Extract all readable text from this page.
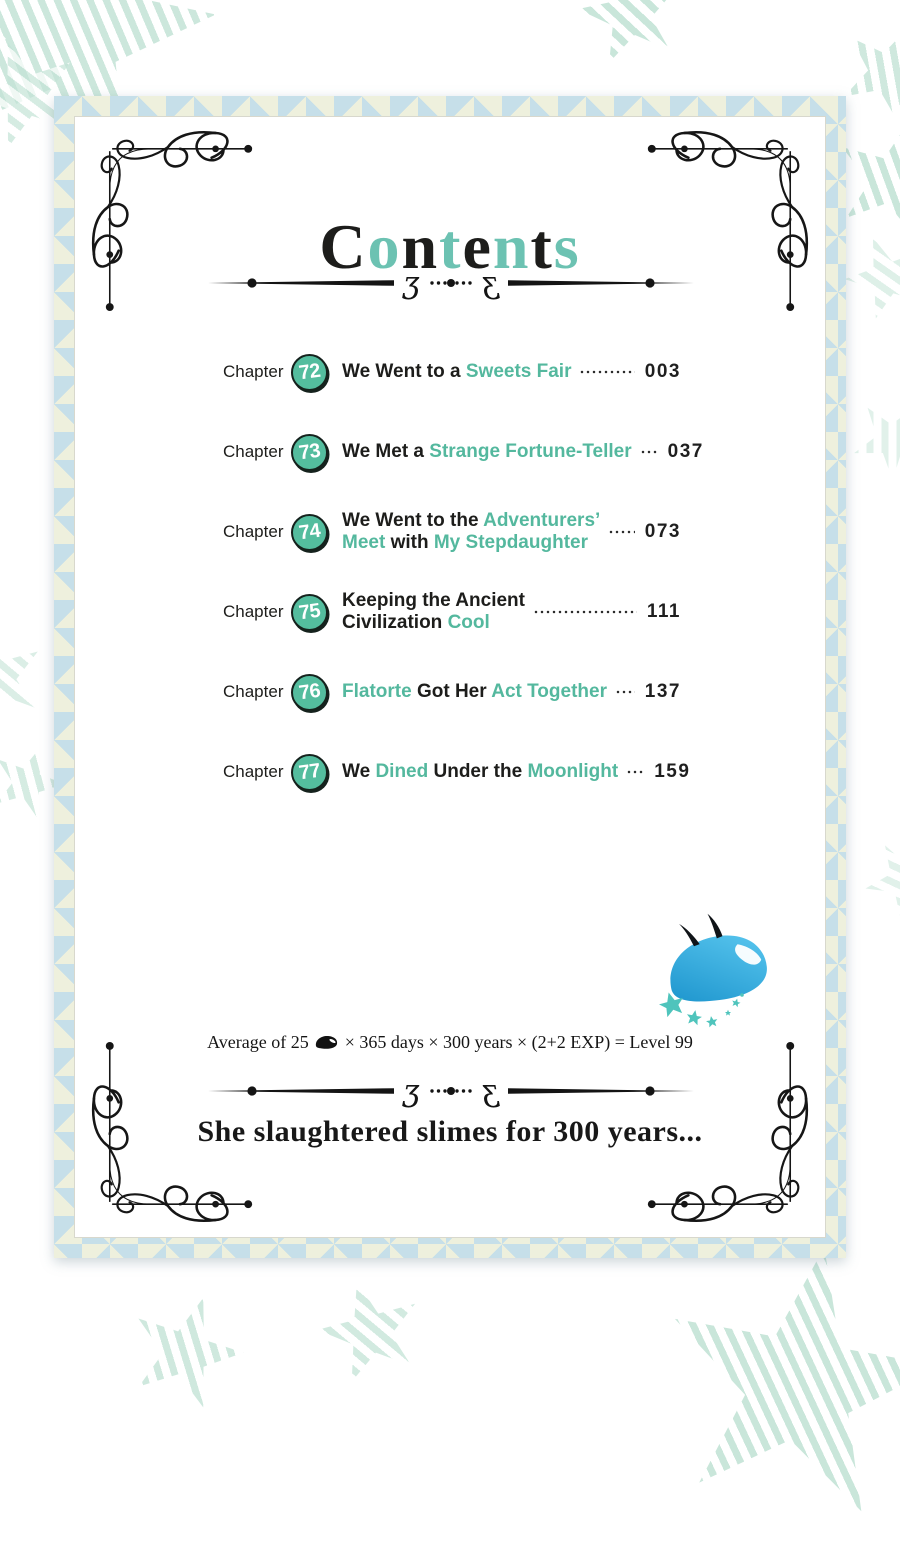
Contents
Chapter 72 We Went to a Sweets Fair	003
Chapter 73 We Met a Strange Fortune-Teller 037
Chapter 74 We Went to the Adventurers’
Meet with My Stepdaughter
073
Chapter 75 Keeping the Ancient
Civilization Cool
111
Chapter 76 Flatorte Got Her Act Together 137
Chapter 77 We Dined Under the Moonlight 159
Average of 25 × 365 days × 300 years × (2+2 EXP) = Level 99
She slaughtered slimes for 300 years...
